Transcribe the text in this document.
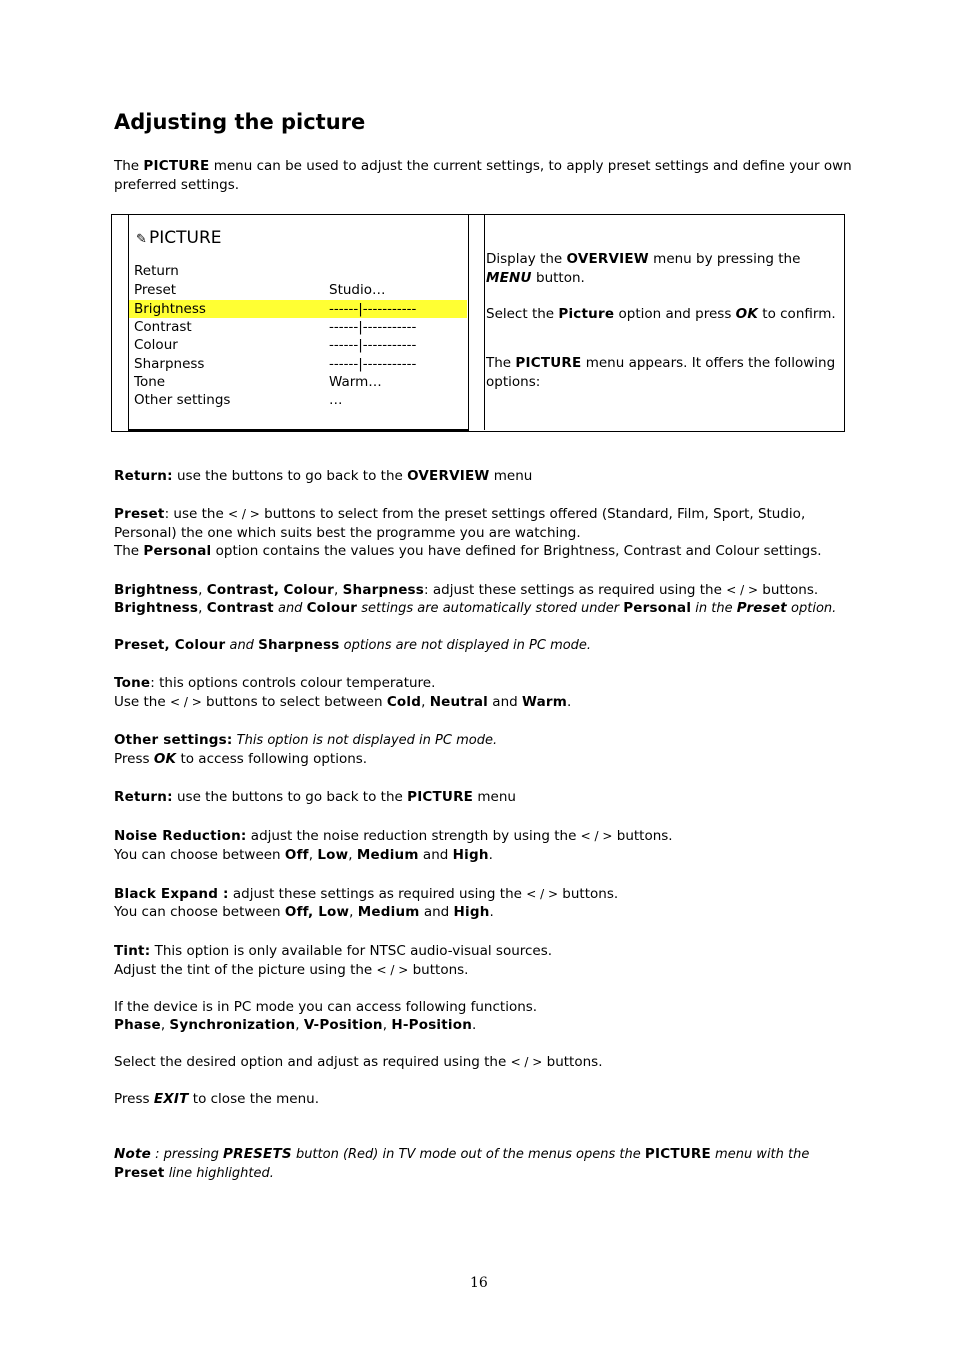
Adjusting the picture
The PICTURE menu can be used to adjust the current settings, to apply preset settings and define your own
preferred settings.
✎ PICTURE
Return
Preset	Studio…
Brightness	------|-----------
Contrast	------|-----------
Colour	------|-----------
Sharpness	------|-----------
Tone	Warm…
Other settings	…
Display the OVERVIEW menu by pressing the
MENU button.
Select the Picture option and press OK to confirm.
The PICTURE menu appears. It offers the following
options:
Return: use the buttons to go back to the OVERVIEW menu
Preset: use the < / > buttons to select from the preset settings offered (Standard, Film, Sport, Studio,
Personal) the one which suits best the programme you are watching.
The Personal option contains the values you have defined for Brightness, Contrast and Colour settings.
Brightness, Contrast, Colour, Sharpness: adjust these settings as required using the < / > buttons.
Brightness, Contrast and Colour settings are automatically stored under Personal in the Preset option.
Preset, Colour and Sharpness options are not displayed in PC mode.
Tone: this options controls colour temperature.
Use the < / > buttons to select between Cold, Neutral and Warm.
Other settings: This option is not displayed in PC mode.
Press OK to access following options.
Return: use the buttons to go back to the PICTURE menu
Noise Reduction: adjust the noise reduction strength by using the < / > buttons.
You can choose between Off, Low, Medium and High.
Black Expand : adjust these settings as required using the < / > buttons.
You can choose between Off, Low, Medium and High.
Tint: This option is only available for NTSC audio-visual sources.
Adjust the tint of the picture using the < / > buttons.
If the device is in PC mode you can access following functions.
Phase, Synchronization, V-Position, H-Position.
Select the desired option and adjust as required using the < / > buttons.
Press EXIT to close the menu.
Note : pressing PRESETS button (Red) in TV mode out of the menus opens the PICTURE menu with the
Preset line highlighted.
16
